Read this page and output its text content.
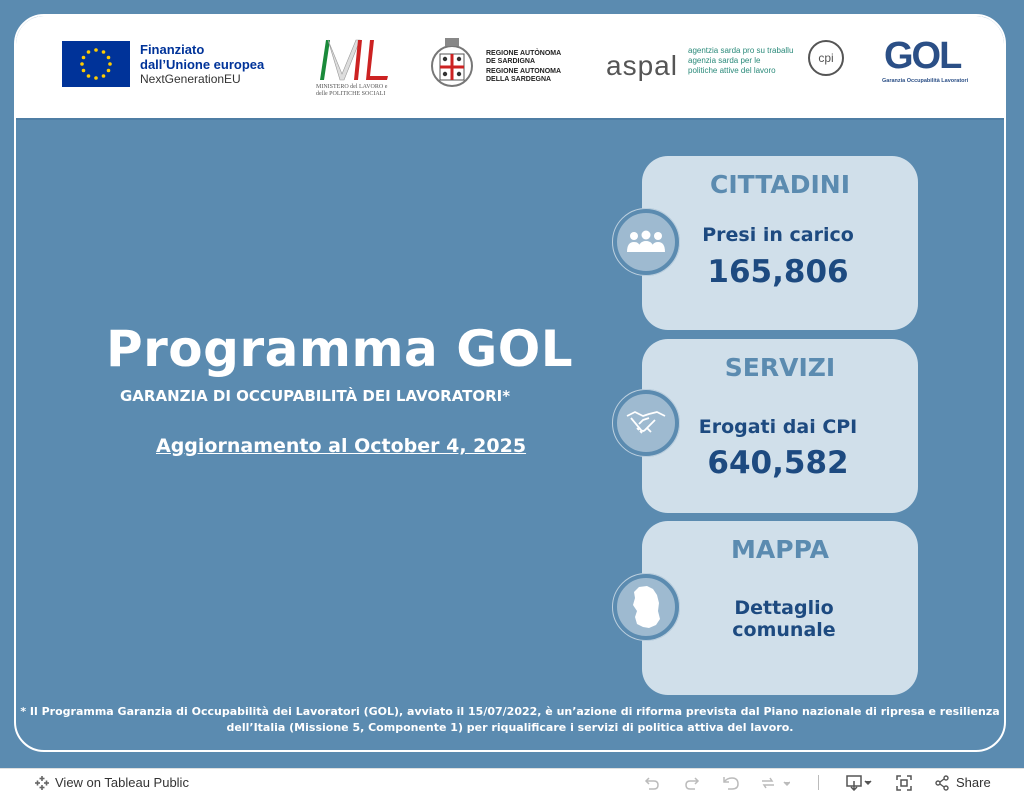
Finanziato
dall’Unione europea
NextGenerationEU
MINISTERO del LAVORO e delle POLITICHE SOCIALI
REGIONE AUTÒNOMA
DE SARDIGNA
REGIONE AUTONOMA
DELLA SARDEGNA	aspal agentzia sarda pro su traballu
agenzia sarda per le
politiche attive del lavoro
cpi GOL
Garanzia Occupabilità Lavoratori
Programma GOL
GARANZIA DI OCCUPABILITÀ DEI LAVORATORI*
Aggiornamento al October 4, 2025
CITTADINI
Presi in carico
165,806
SERVIZI
Erogati dai CPI
640,582
MAPPA
Dettaglio comunale
* Il Programma Garanzia di Occupabilità dei Lavoratori (GOL), avviato il 15/07/2022, è un’azione di riforma prevista dal Piano nazionale di ripresa e resilienza dell’Italia (Missione 5, Componente 1) per riqualificare i servizi di politica attiva del lavoro.
View on Tableau Public	Share
